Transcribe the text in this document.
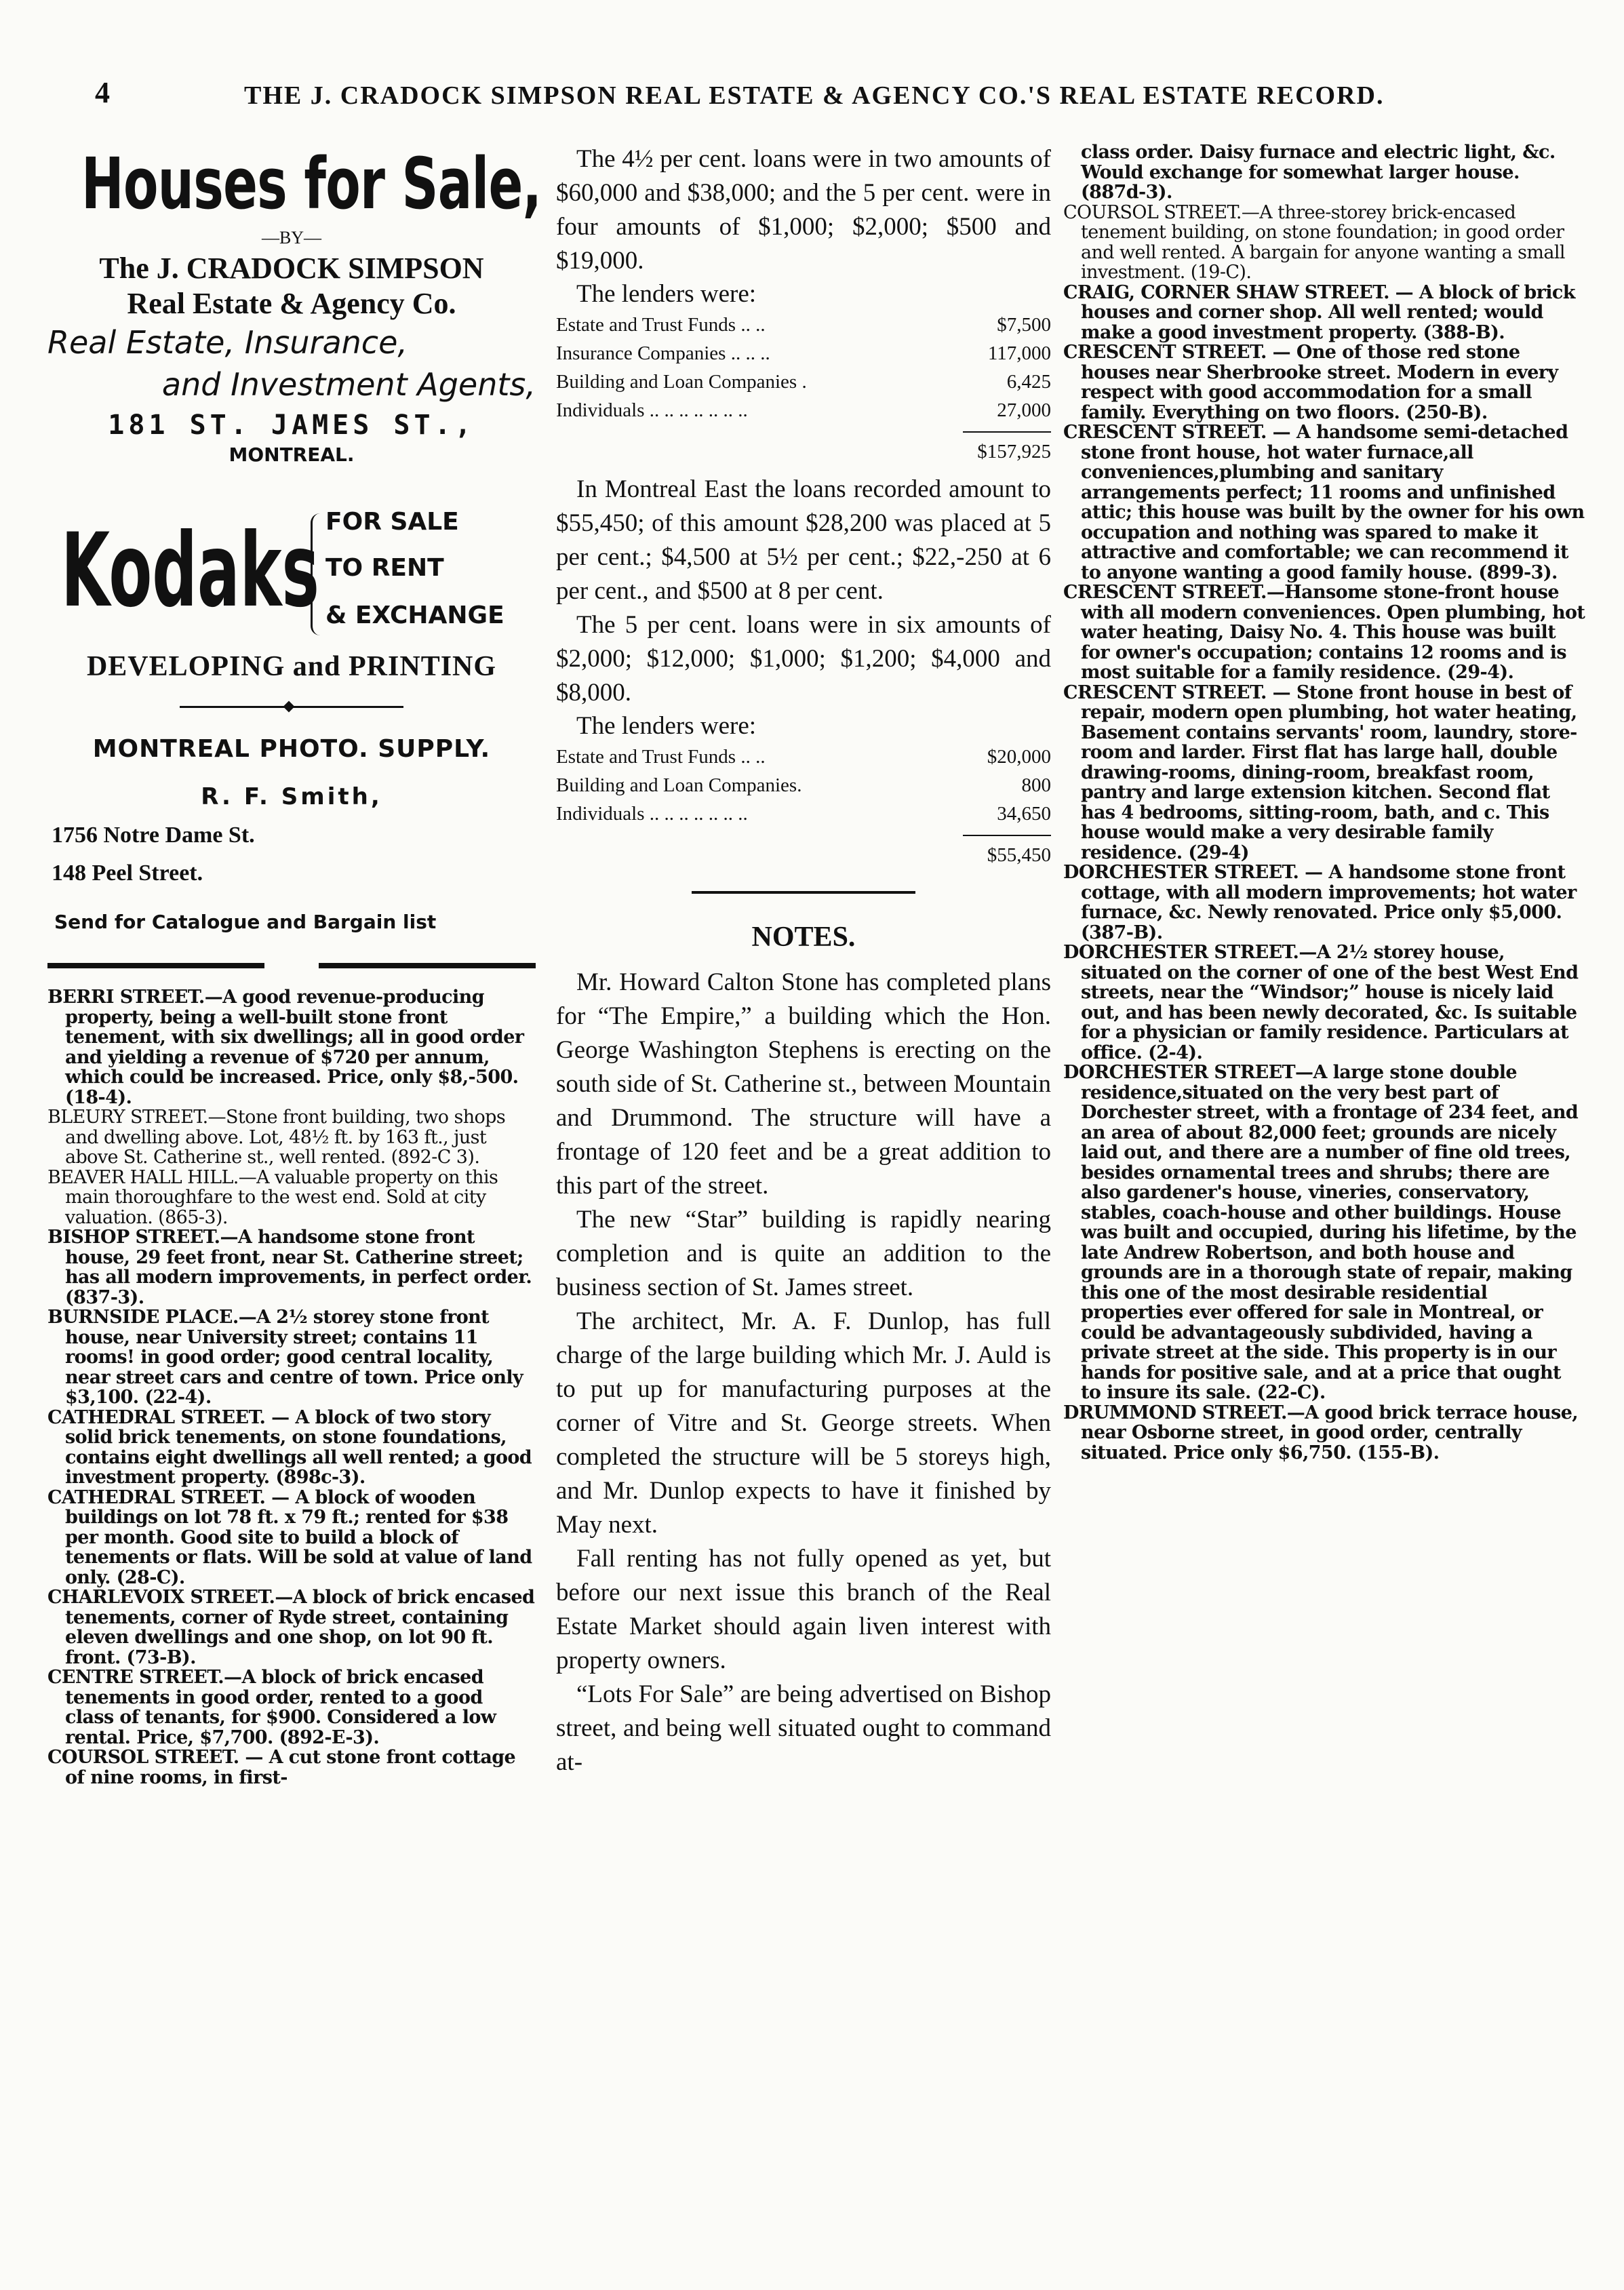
4	THE J. CRADOCK SIMPSON REAL ESTATE & AGENCY CO.'S REAL ESTATE RECORD.
Houses for Sale,
—BY—
The J. CRADOCK SIMPSON
Real Estate & Agency Co.
Real Estate, Insurance,
and Investment Agents,
181 ST. JAMES ST.,
MONTREAL.
Kodaks FOR SALE
TO RENT
& EXCHANGE
DEVELOPING and PRINTING
MONTREAL PHOTO. SUPPLY.
R. F. Smith,
1756 Notre Dame St.
148 Peel Street.
Send for Catalogue and Bargain list

BERRI STREET.—A good revenue-producing property, being a well-built stone front tenement, with six dwellings; all in good order and yielding a revenue of $720 per annum, which could be increased. Price, only $8,-500. (18-4).

BLEURY STREET.—Stone front building, two shops and dwelling above. Lot, 48½ ft. by 163 ft., just above St. Catherine st., well rented. (892-C 3).

BEAVER HALL HILL.—A valuable property on this main thoroughfare to the west end. Sold at city valuation. (865-3).

BISHOP STREET.—A handsome stone front house, 29 feet front, near St. Catherine street; has all modern improvements, in perfect order. (837-3).

BURNSIDE PLACE.—A 2½ storey stone front house, near University street; contains 11 rooms! in good order; good central locality, near street cars and centre of town. Price only $3,100. (22-4).

CATHEDRAL STREET. — A block of two story solid brick tenements, on stone foundations, contains eight dwellings all well rented; a good investment property. (898c-3).

CATHEDRAL STREET. — A block of wooden buildings on lot 78 ft. x 79 ft.; rented for $38 per month. Good site to build a block of tenements or flats. Will be sold at value of land only. (28-C).

CHARLEVOIX STREET.—A block of brick encased tenements, corner of Ryde street, containing eleven dwellings and one shop, on lot 90 ft. front. (73-B).

CENTRE STREET.—A block of brick encased tenements in good order, rented to a good class of tenants, for $900. Considered a low rental. Price, $7,700. (892-E-3).

COURSOL STREET. — A cut stone front cottage of nine rooms, in first-

The 4½ per cent. loans were in two amounts of $60,000 and $38,000; and the 5 per cent. were in four amounts of $1,000; $2,000; $500 and $19,000.

The lenders were:

Estate and Trust Funds .. ..	$7,500
Insurance Companies .. .. ..	117,000
Building and Loan Companies .	6,425
Individuals .. .. .. .. .. .. ..	27,000
$157,925

In Montreal East the loans recorded amount to $55,450; of this amount $28,200 was placed at 5 per cent.; $4,500 at 5½ per cent.; $22,-250 at 6 per cent., and $500 at 8 per cent.

The 5 per cent. loans were in six amounts of $2,000; $12,000; $1,000; $1,200; $4,000 and $8,000.

The lenders were:

Estate and Trust Funds .. ..	$20,000
Building and Loan Companies.	800
Individuals .. .. .. .. .. .. ..	34,650
$55,450
NOTES.

Mr. Howard Calton Stone has completed plans for “The Empire,” a building which the Hon. George Washington Stephens is erecting on the south side of St. Catherine st., between Mountain and Drummond. The structure will have a frontage of 120 feet and be a great addition to this part of the street.

The new “Star” building is rapidly nearing completion and is quite an addition to the business section of St. James street.

The architect, Mr. A. F. Dunlop, has full charge of the large building which Mr. J. Auld is to put up for manufacturing purposes at the corner of Vitre and St. George streets. When completed the structure will be 5 storeys high, and Mr. Dunlop expects to have it finished by May next.

Fall renting has not fully opened as yet, but before our next issue this branch of the Real Estate Market should again liven interest with property owners.

“Lots For Sale” are being advertised on Bishop street, and being well situated ought to command at-

class order. Daisy furnace and electric light, &c. Would exchange for somewhat larger house. (887d-3).

COURSOL STREET.—A three-storey brick-encased tenement building, on stone foundation; in good order and well rented. A bargain for anyone wanting a small investment. (19-C).

CRAIG, CORNER SHAW STREET. — A block of brick houses and corner shop. All well rented; would make a good investment property. (388-B).

CRESCENT STREET. — One of those red stone houses near Sherbrooke street. Modern in every respect with good accommodation for a small family. Everything on two floors. (250-B).

CRESCENT STREET. — A handsome semi-detached stone front house, hot water furnace,all conveniences,plumbing and sanitary arrangements perfect; 11 rooms and unfinished attic; this house was built by the owner for his own occupation and nothing was spared to make it attractive and comfortable; we can recommend it to anyone wanting a good family house. (899-3).

CRESCENT STREET.—Hansome stone-front house with all modern conveniences. Open plumbing, hot water heating, Daisy No. 4. This house was built for owner's occupation; contains 12 rooms and is most suitable for a family residence. (29-4).

CRESCENT STREET. — Stone front house in best of repair, modern open plumbing, hot water heating, Basement contains servants' room, laundry, store-room and larder. First flat has large hall, double drawing-rooms, dining-room, breakfast room, pantry and large extension kitchen. Second flat has 4 bedrooms, sitting-room, bath, and c. This house would make a very desirable family residence. (29-4)

DORCHESTER STREET. — A handsome stone front cottage, with all modern improvements; hot water furnace, &c. Newly renovated. Price only $5,000. (387-B).

DORCHESTER STREET.—A 2½ storey house, situated on the corner of one of the best West End streets, near the “Windsor;” house is nicely laid out, and has been newly decorated, &c. Is suitable for a physician or family residence. Particulars at office. (2-4).

DORCHESTER STREET—A large stone double residence,situated on the very best part of Dorchester street, with a frontage of 234 feet, and an area of about 82,000 feet; grounds are nicely laid out, and there are a number of fine old trees, besides ornamental trees and shrubs; there are also gardener's house, vineries, conservatory, stables, coach-house and other buildings. House was built and occupied, during his lifetime, by the late Andrew Robertson, and both house and grounds are in a thorough state of repair, making this one of the most desirable residential properties ever offered for sale in Montreal, or could be advantageously subdivided, having a private street at the side. This property is in our hands for positive sale, and at a price that ought to insure its sale. (22-C).

DRUMMOND STREET.—A good brick terrace house, near Osborne street, in good order, centrally situated. Price only $6,750. (155-B).
